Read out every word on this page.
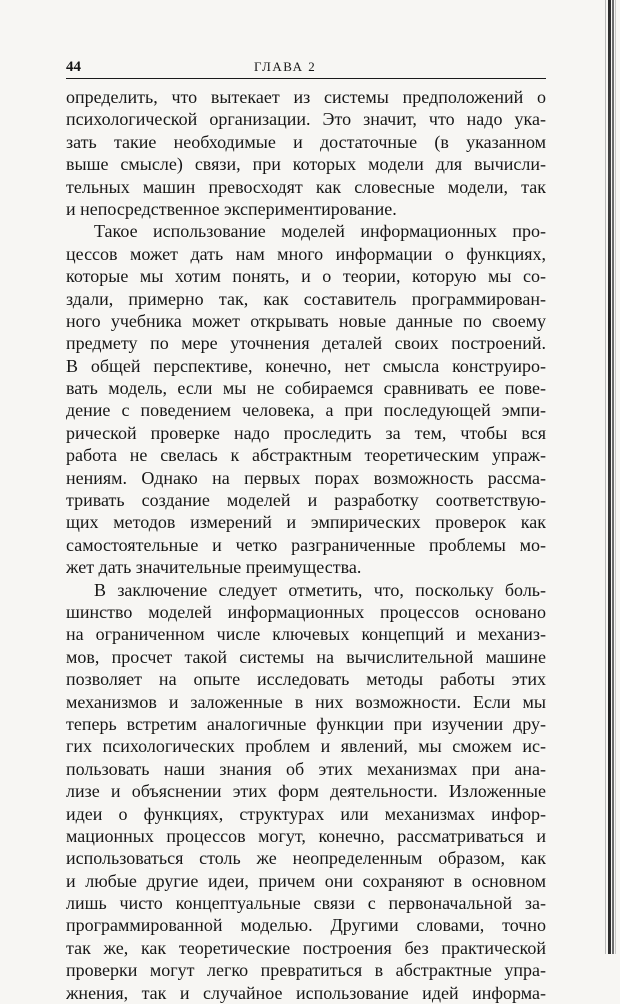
44	ГЛАВА 2
определить, что вытекает из системы предположений о
психологической организации. Это значит, что надо ука-
зать такие необходимые и достаточные (в указанном
выше смысле) связи, при которых модели для вычисли-
тельных машин превосходят как словесные модели, так
и непосредственное экспериментирование.
Такое использование моделей информационных про-
цессов может дать нам много информации о функциях,
которые мы хотим понять, и о теории, которую мы со-
здали, примерно так, как составитель программирован-
ного учебника может открывать новые данные по своему
предмету по мере уточнения деталей своих построений.
В общей перспективе, конечно, нет смысла конструиро-
вать модель, если мы не собираемся сравнивать ее пове-
дение с поведением человека, а при последующей эмпи-
рической проверке надо проследить за тем, чтобы вся
работа не свелась к абстрактным теоретическим упраж-
нениям. Однако на первых порах возможность рассма-
тривать создание моделей и разработку соответствую-
щих методов измерений и эмпирических проверок как
самостоятельные и четко разграниченные проблемы мо-
жет дать значительные преимущества.
В заключение следует отметить, что, поскольку боль-
шинство моделей информационных процессов основано
на ограниченном числе ключевых концепций и механиз-
мов, просчет такой системы на вычислительной машине
позволяет на опыте исследовать методы работы этих
механизмов и заложенные в них возможности. Если мы
теперь встретим аналогичные функции при изучении дру-
гих психологических проблем и явлений, мы сможем ис-
пользовать наши знания об этих механизмах при ана-
лизе и объяснении этих форм деятельности. Изложенные
идеи о функциях, структурах или механизмах инфор-
мационных процессов могут, конечно, рассматриваться и
использоваться столь же неопределенным образом, как
и любые другие идеи, причем они сохраняют в основном
лишь чисто концептуальные связи с первоначальной за-
программированной моделью. Другими словами, точно
так же, как теоретические построения без практической
проверки могут легко превратиться в абстрактные упра-
жнения, так и случайное использование идей информа-
